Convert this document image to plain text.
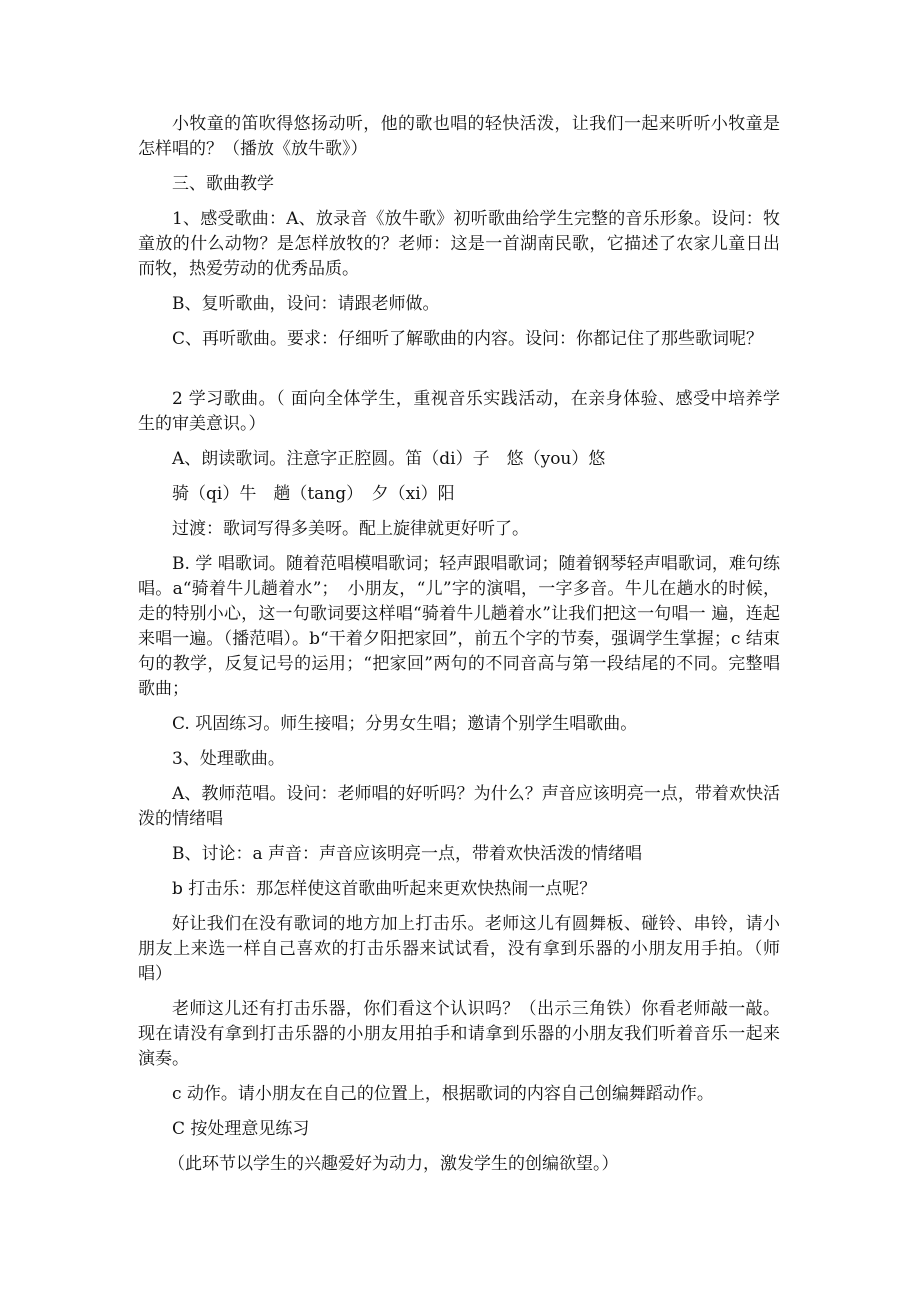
小牧童的笛吹得悠扬动听，他的歌也唱的轻快活泼，让我们一起来听听小牧童是怎样唱的？（播放《放牛歌》）

三、歌曲教学

1、感受歌曲：A、放录音《放牛歌》初听歌曲给学生完整的音乐形象。设问：牧童放的什么动物？是怎样放牧的？老师：这是一首湖南民歌，它描述了农家儿童日出而牧，热爱劳动的优秀品质。

B、复听歌曲，设问：请跟老师做。

C、再听歌曲。要求：仔细听了解歌曲的内容。设问：你都记住了那些歌词呢？

2 学习歌曲。（ 面向全体学生，重视音乐实践活动，在亲身体验、感受中培养学生的审美意识。）

A、朗读歌词。注意字正腔圆。笛（di）子　悠（you）悠

骑（qi）牛　趟（tang）　夕（xi）阳

过渡：歌词写得多美呀。配上旋律就更好听了。

B. 学 唱歌词。随着范唱模唱歌词；轻声跟唱歌词；随着钢琴轻声唱歌词，难句练唱。a“骑着牛儿趟着水”；　小朋友，“儿”字的演唱，一字多音。牛儿在趟水的时候，走的特别小心，这一句歌词要这样唱“骑着牛儿趟着水”让我们把这一句唱一 遍，连起来唱一遍。（播范唱）。b“干着夕阳把家回”，前五个字的节奏，强调学生掌握；c 结束句的教学，反复记号的运用；“把家回”两句的不同音高与第一段结尾的不同。完整唱歌曲；

C. 巩固练习。师生接唱；分男女生唱；邀请个别学生唱歌曲。

3、处理歌曲。

A、教师范唱。设问：老师唱的好听吗？为什么？声音应该明亮一点，带着欢快活泼的情绪唱

B、讨论：a 声音：声音应该明亮一点，带着欢快活泼的情绪唱

b 打击乐：那怎样使这首歌曲听起来更欢快热闹一点呢？

好让我们在没有歌词的地方加上打击乐。老师这儿有圆舞板、碰铃、串铃，请小朋友上来选一样自己喜欢的打击乐器来试试看，没有拿到乐器的小朋友用手拍。（师唱）

老师这儿还有打击乐器，你们看这个认识吗？（出示三角铁）你看老师敲一敲。现在请没有拿到打击乐器的小朋友用拍手和请拿到乐器的小朋友我们听着音乐一起来演奏。

c 动作。请小朋友在自己的位置上，根据歌词的内容自己创编舞蹈动作。

C 按处理意见练习

（此环节以学生的兴趣爱好为动力，激发学生的创编欲望。）
